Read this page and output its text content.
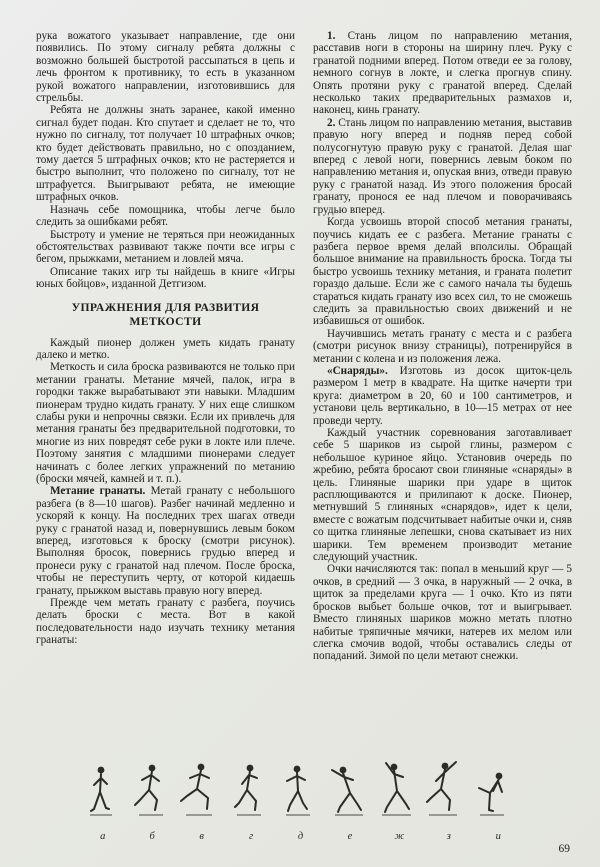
рука вожатого указывает направление, где они появились. По этому сигналу ребята должны с возможно большей быстротой рассыпаться в цепь и лечь фронтом к противнику, то есть в указанном рукой вожатого направлении, изготовившись для стрельбы.

Ребята не должны знать заранее, какой именно сигнал будет подан. Кто спутает и сделает не то, что нужно по сигналу, тот получает 10 штрафных очков; кто будет действовать правильно, но с опозданием, тому дается 5 штрафных очков; кто не растеряется и быстро выполнит, что положено по сигналу, тот не штрафуется. Выигрывают ребята, не имеющие штрафных очков.

Назначь себе помощника, чтобы легче было следить за ошибками ребят.

Быстроту и умение не теряться при неожиданных обстоятельствах развивают также почти все игры с бегом, прыжками, метанием и ловлей мяча.

Описание таких игр ты найдешь в книге «Игры юных бойцов», изданной Детгизом.

УПРАЖНЕНИЯ ДЛЯ РАЗВИТИЯ МЕТКОСТИ

Каждый пионер должен уметь кидать гранату далеко и метко.

Меткость и сила броска развиваются не только при метании гранаты. Метание мячей, палок, игра в городки также вырабатывают эти навыки. Младшим пионерам трудно кидать гранату. У них еще слишком слабы руки и непрочны связки. Если их привлечь для метания гранаты без предварительной подготовки, то многие из них повредят себе руки в локте или плече. Поэтому занятия с младшими пионерами следует начинать с более легких упражнений по метанию (броски мячей, камней и т. п.).

Метание гранаты. Метай гранату с небольшого разбега (в 8—10 шагов). Разбег начинай медленно и ускоряй к концу. На последних трех шагах отведи руку с гранатой назад и, повернувшись левым боком вперед, изготовься к броску (смотри рисунок). Выполняя бросок, повернись грудью вперед и пронеси руку с гранатой над плечом. После броска, чтобы не переступить черту, от которой кидаешь гранату, прыжком выставь правую ногу вперед.

Прежде чем метать гранату с разбега, поучись делать броски с места. Вот в какой последовательности надо изучать технику метания гранаты:

1. Стань лицом по направлению метания, расставив ноги в стороны на ширину плеч. Руку с гранатой подними вперед. Потом отведи ее за голову, немного согнув в локте, и слегка прогнув спину. Опять протяни руку с гранатой вперед. Сделай несколько таких предварительных размахов и, наконец, кинь гранату.

2. Стань лицом по направлению метания, выставив правую ногу вперед и подняв перед собой полусогнутую правую руку с гранатой. Делая шаг вперед с левой ноги, повернись левым боком по направлению метания и, опуская вниз, отведи правую руку с гранатой назад. Из этого положения бросай гранату, пронося ее над плечом и поворачиваясь грудью вперед.

Когда усвоишь второй способ метания гранаты, поучись кидать ее с разбега. Метание гранаты с разбега первое время делай вполсилы. Обращай большое внимание на правильность броска. Тогда ты быстро усвоишь технику метания, и граната полетит гораздо дальше. Если же с самого начала ты будешь стараться кидать гранату изо всех сил, то не сможешь следить за правильностью своих движений и не избавишься от ошибок.

Научившись метать гранату с места и с разбега (смотри рисунок внизу страницы), потренируйся в метании с колена и из положения лежа.

«Снаряды». Изготовь из досок щиток-цель размером 1 метр в квадрате. На щитке начерти три круга: диаметром в 20, 60 и 100 сантиметров, и установи цель вертикально, в 10—15 метрах от нее проведи черту.

Каждый участник соревнования заготавливает себе 5 шариков из сырой глины, размером с небольшое куриное яйцо. Установив очередь по жребию, ребята бросают свои глиняные «снаряды» в цель. Глиняные шарики при ударе в щиток расплющиваются и прилипают к доске. Пионер, метнувший 5 глиняных «снарядов», идет к цели, вместе с вожатым подсчитывает набитые очки и, сняв со щитка глиняные лепешки, снова скатывает из них шарики. Тем временем производит метание следующий участник.

Очки начисляются так: попал в меньший круг — 5 очков, в средний — 3 очка, в наружный — 2 очка, в щиток за пределами круга — 1 очко. Кто из пяти бросков выбьет больше очков, тот и выигрывает. Вместо глиняных шариков можно метать плотно набитые тряпичные мячики, натерев их мелом или слегка смочив водой, чтобы оставались следы от попаданий. Зимой по цели метают снежки.

а	б	в	г	д	е	ж	з	и
69
